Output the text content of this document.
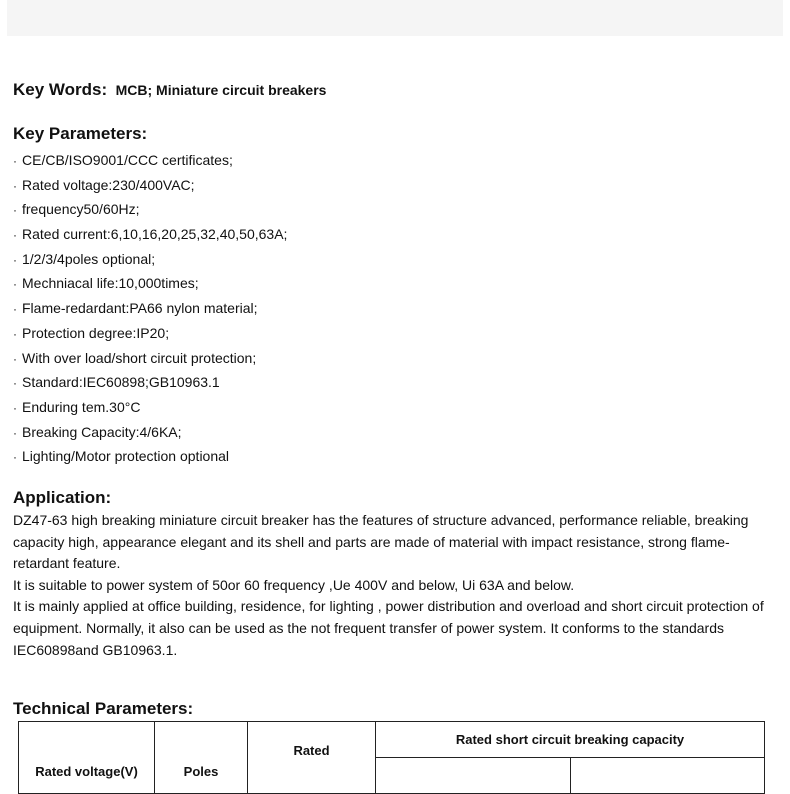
Key Words: MCB; Miniature circuit breakers
Key Parameters:
· CE/CB/ISO9001/CCC certificates;
· Rated voltage:230/400VAC;
· frequency50/60Hz;
· Rated current:6,10,16,20,25,32,40,50,63A;
· 1/2/3/4poles optional;
· Mechniacal life:10,000times;
· Flame-redardant:PA66 nylon material;
· Protection degree:IP20;
· With over load/short circuit protection;
· Standard:IEC60898;GB10963.1
· Enduring tem.30°C
· Breaking Capacity:4/6KA;
· Lighting/Motor protection optional
Application:

DZ47-63 high breaking miniature circuit breaker has the features of structure advanced, performance reliable, breaking capacity high, appearance elegant and its shell and parts are made of material with impact resistance, strong flame-retardant feature.

It is suitable to power system of 50or 60 frequency ,Ue 400V and below, Ui 63A and below.

It is mainly applied at office building, residence, for lighting , power distribution and overload and short circuit protection of equipment. Normally, it also can be used as the not frequent transfer of power system. It conforms to the standards IEC60898and GB10963.1.

Technical Parameters:
Rated voltage(V)	Poles	Rated	Rated short circuit breaking capacity	
